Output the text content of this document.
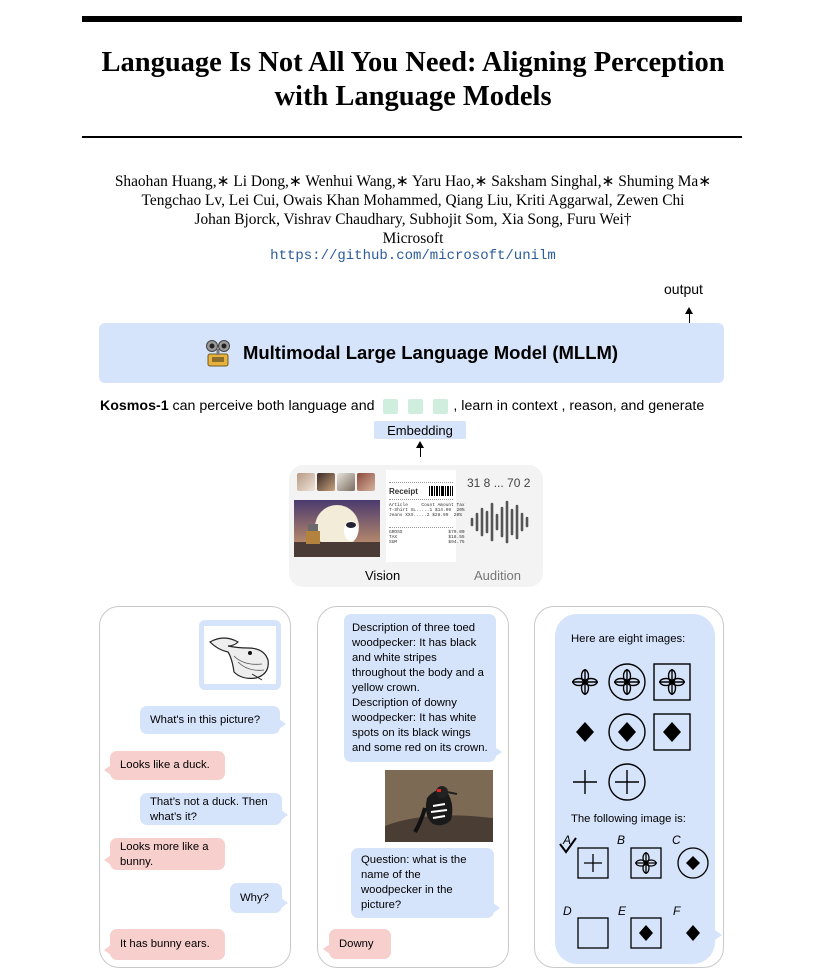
Language Is Not All You Need: Aligning Perception
with Language Models
Shaohan Huang,∗ Li Dong,∗ Wenhui Wang,∗ Yaru Hao,∗ Saksham Singhal,∗ Shuming Ma∗
Tengchao Lv, Lei Cui, Owais Khan Mohammed, Qiang Liu, Kriti Aggarwal, Zewen Chi
Johan Bjorck, Vishrav Chaudhary, Subhojit Som, Xia Song, Furu Wei†
Microsoft
https://github.com/microsoft/unilm
output
Multimodal Large Language Model (MLLM)
Kosmos-1 can perceive both language and	, learn in context , reason, and generate
Embedding
Receipt
Article     Count Amount Tax
T-Shirt XL.....1 $14.99  20%
Jeans XXX.....2 $28.99  20%
GROSS                 $79.00
TAX                   $18.55
SUM                   $94.75
31 8 ... 70 2
Vision	Audition
What's in this picture?
Looks like a duck.
That’s not a duck. Then
what’s it?
Looks more like a
bunny.
Why?
It has bunny ears.
Description of three toed
woodpecker: It has black
and white stripes
throughout the body and a
yellow crown.
Description of downy
woodpecker: It has white
spots on its black wings
and some red on its crown.
Question: what is the
name of the
woodpecker in the
picture?
Downy
Here are eight images:
The following image is:
A	B	C
D	E	F
